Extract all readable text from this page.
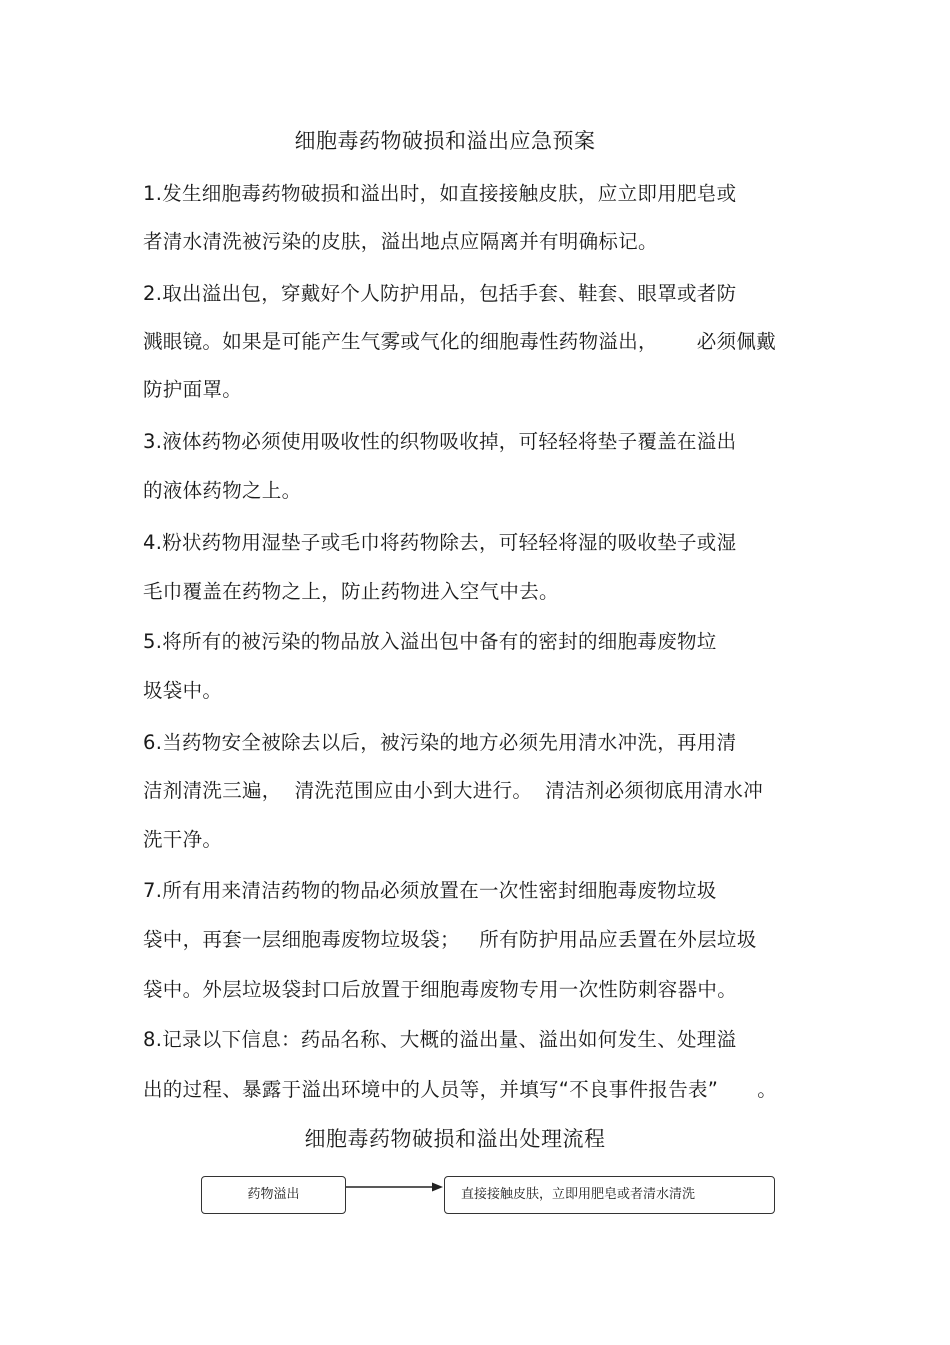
细胞毒药物破损和溢出应急预案
1.发生细胞毒药物破损和溢出时，如直接接触皮肤，应立即用肥皂或
者清水清洗被污染的皮肤，溢出地点应隔离并有明确标记。
2.取出溢出包，穿戴好个人防护用品，包括手套、鞋套、眼罩或者防
溅眼镜。如果是可能产生气雾或气化的细胞毒性药物溢出，      必须佩戴
防护面罩。
3.液体药物必须使用吸收性的织物吸收掉，可轻轻将垫子覆盖在溢出
的液体药物之上。
4.粉状药物用湿垫子或毛巾将药物除去，可轻轻将湿的吸收垫子或湿
毛巾覆盖在药物之上，防止药物进入空气中去。
5.将所有的被污染的物品放入溢出包中备有的密封的细胞毒废物垃
圾袋中。
6.当药物安全被除去以后，被污染的地方必须先用清水冲洗，再用清
洁剂清洗三遍，  清洗范围应由小到大进行。  清洁剂必须彻底用清水冲
洗干净。
7.所有用来清洁药物的物品必须放置在一次性密封细胞毒废物垃圾
袋中，再套一层细胞毒废物垃圾袋；   所有防护用品应丢置在外层垃圾
袋中。外层垃圾袋封口后放置于细胞毒废物专用一次性防刺容器中。
8.记录以下信息：药品名称、大概的溢出量、溢出如何发生、处理溢
出的过程、暴露于溢出环境中的人员等，并填写“不良事件报告表”      。
细胞毒药物破损和溢出处理流程
药物溢出	直接接触皮肤，立即用肥皂或者清水清洗
